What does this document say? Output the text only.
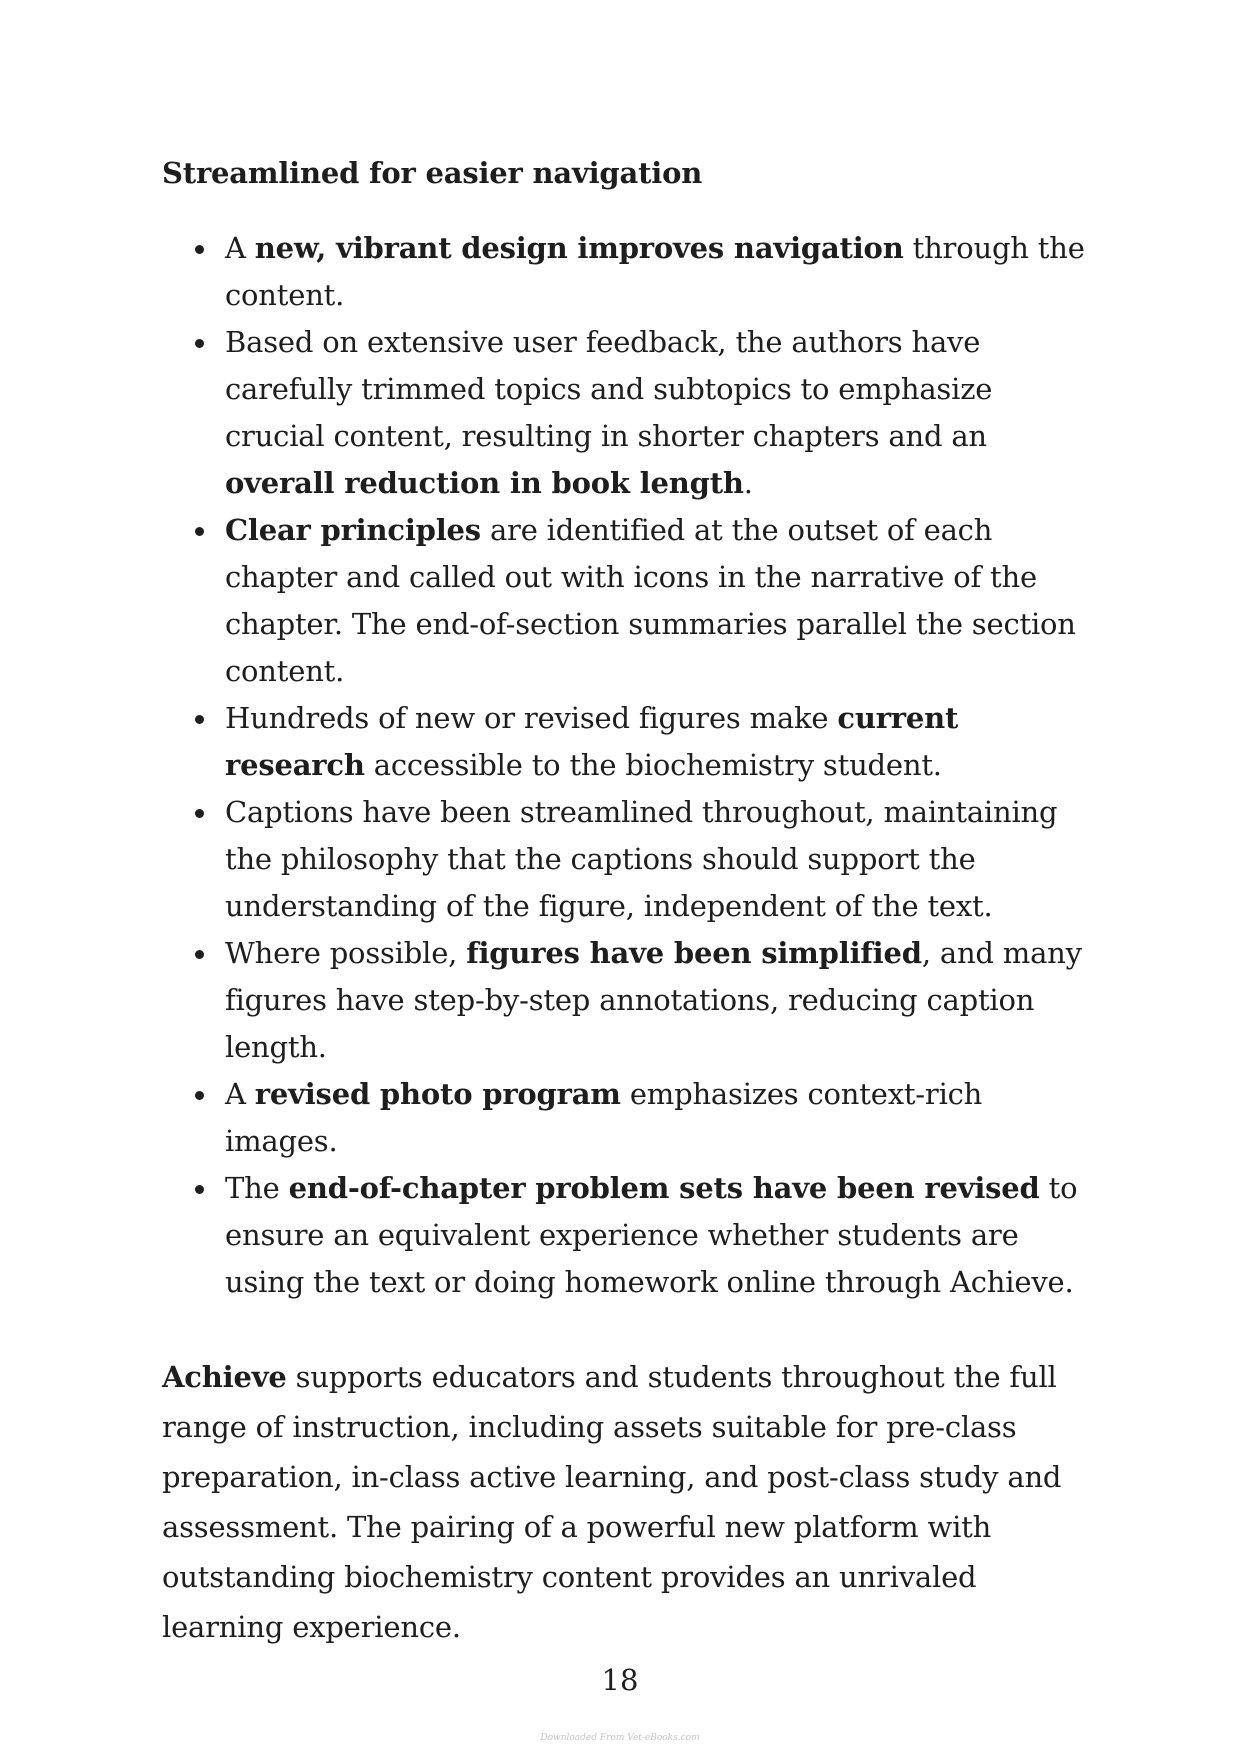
Streamlined for easier navigation
A new, vibrant design improves navigation through the content.
Based on extensive user feedback, the authors have carefully trimmed topics and subtopics to emphasize crucial content, resulting in shorter chapters and an overall reduction in book length.
Clear principles are identified at the outset of each chapter and called out with icons in the narrative of the chapter. The end-of-section summaries parallel the section content.
Hundreds of new or revised figures make current research accessible to the biochemistry student.
Captions have been streamlined throughout, maintaining the philosophy that the captions should support the understanding of the figure, independent of the text.
Where possible, figures have been simplified, and many figures have step-by-step annotations, reducing caption length.
A revised photo program emphasizes context-rich images.
The end-of-chapter problem sets have been revised to ensure an equivalent experience whether students are using the text or doing homework online through Achieve.

Achieve supports educators and students throughout the full range of instruction, including assets suitable for pre-class preparation, in-class active learning, and post-class study and assessment. The pairing of a powerful new platform with outstanding biochemistry content provides an unrivaled learning experience.

18
Downloaded From Vet-eBooks.com
